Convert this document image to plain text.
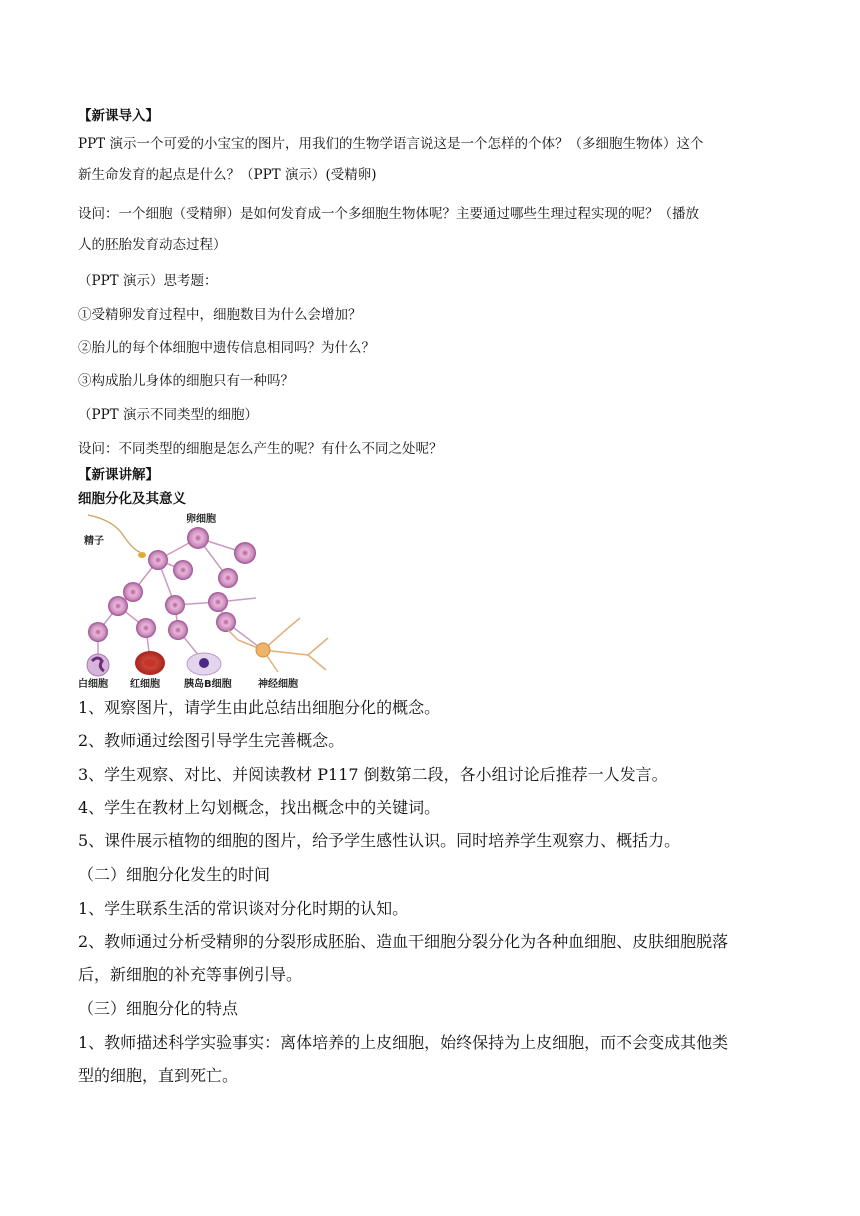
【新课导入】
PPT 演示一个可爱的小宝宝的图片，用我们的生物学语言说这是一个怎样的个体？（多细胞生物体）这个
新生命发育的起点是什么？（PPT 演示）(受精卵)
设问：一个细胞（受精卵）是如何发育成一个多细胞生物体呢？主要通过哪些生理过程实现的呢？（播放
人的胚胎发育动态过程）
（PPT 演示）思考题：
①受精卵发育过程中，细胞数目为什么会增加？
②胎儿的每个体细胞中遗传信息相同吗？为什么？
③构成胎儿身体的细胞只有一种吗？
（PPT 演示不同类型的细胞）
设问：不同类型的细胞是怎么产生的呢？有什么不同之处呢？
【新课讲解】
细胞分化及其意义
卵细胞
精子
白细胞 红细胞 胰岛B细胞	神经细胞
1、观察图片，请学生由此总结出细胞分化的概念。
2、教师通过绘图引导学生完善概念。
3、学生观察、对比、并阅读教材 P117 倒数第二段，各小组讨论后推荐一人发言。
4、学生在教材上勾划概念，找出概念中的关键词。
5、课件展示植物的细胞的图片，给予学生感性认识。同时培养学生观察力、概括力。
（二）细胞分化发生的时间
1、学生联系生活的常识谈对分化时期的认知。
2、教师通过分析受精卵的分裂形成胚胎、造血干细胞分裂分化为各种血细胞、皮肤细胞脱落
后，新细胞的补充等事例引导。
（三）细胞分化的特点
1、教师描述科学实验事实：离体培养的上皮细胞，始终保持为上皮细胞，而不会变成其他类
型的细胞，直到死亡。
